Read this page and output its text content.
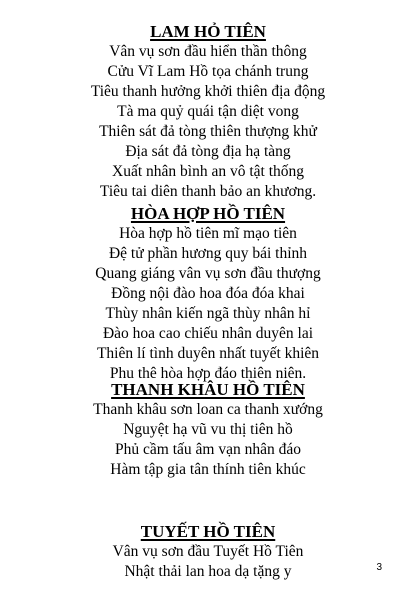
LAM HỎ TIÊN

Vân vụ sơn đầu hiển thần thông

Cửu Vĩ Lam Hồ tọa chánh trung

Tiêu thanh hưởng khởi thiên địa động

Tà ma quỷ quái tận diệt vong

Thiên sát đả tòng thiên thượng khử

Địa sát đả tòng địa hạ tàng

Xuất nhân bình an vô tật thống

Tiêu tai diên thanh bảo an khương.

HÒA HỢP HỒ TIÊN

Hòa hợp hồ tiên mĩ mạo tiên

Đệ tử phần hương quy bái thỉnh

Quang giáng vân vụ sơn đầu thượng

Đồng nội đào hoa đóa đóa khai

Thùy nhân kiến ngã thùy nhân hỉ

Đào hoa cao chiếu nhân duyên lai

Thiên lí tình duyên nhất tuyết khiên

Phu thê hòa hợp đáo thiên niên.

THANH KHÂU HỒ TIÊN

Thanh khâu sơn loan ca thanh xướng

Nguyệt hạ vũ vu thị tiên hồ

Phủ cầm tấu âm vạn nhân đáo

Hàm tập gia tân thính tiên khúc

TUYẾT HỒ TIÊN

Vân vụ sơn đầu Tuyết Hồ Tiên

Nhật thải lan hoa dạ tặng y	3
